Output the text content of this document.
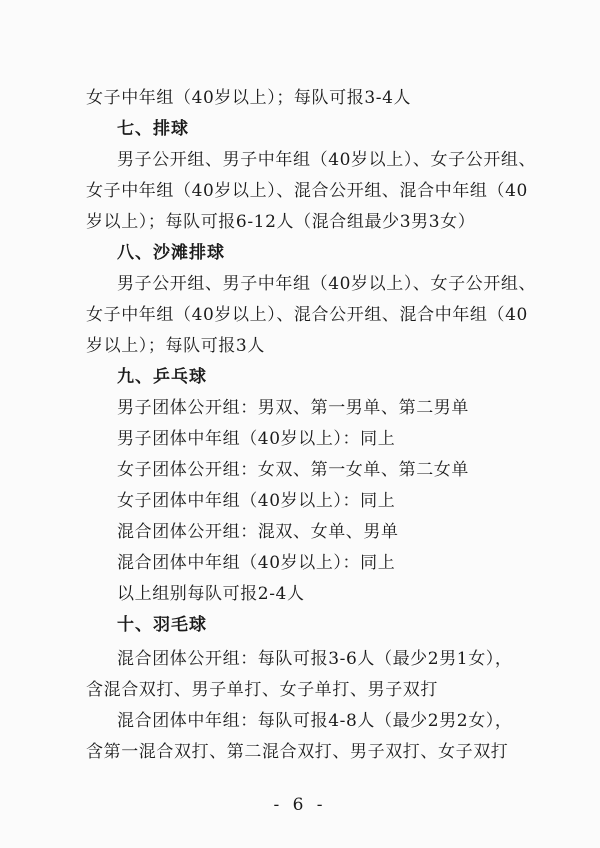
女子中年组（40岁以上）；每队可报3-4人
七、排球
男子公开组、男子中年组（40岁以上）、女子公开组、
女子中年组（40岁以上）、混合公开组、混合中年组（40
岁以上）；每队可报6-12人（混合组最少3男3女）
八、沙滩排球
男子公开组、男子中年组（40岁以上）、女子公开组、
女子中年组（40岁以上）、混合公开组、混合中年组（40
岁以上）；每队可报3人
九、乒乓球
男子团体公开组：男双、第一男单、第二男单
男子团体中年组（40岁以上）：同上
女子团体公开组：女双、第一女单、第二女单
女子团体中年组（40岁以上）：同上
混合团体公开组：混双、女单、男单
混合团体中年组（40岁以上）：同上
以上组别每队可报2-4人
十、羽毛球
混合团体公开组：每队可报3-6人（最少2男1女），
含混合双打、男子单打、女子单打、男子双打
混合团体中年组：每队可报4-8人（最少2男2女），
含第一混合双打、第二混合双打、男子双打、女子双打
- 6 -
